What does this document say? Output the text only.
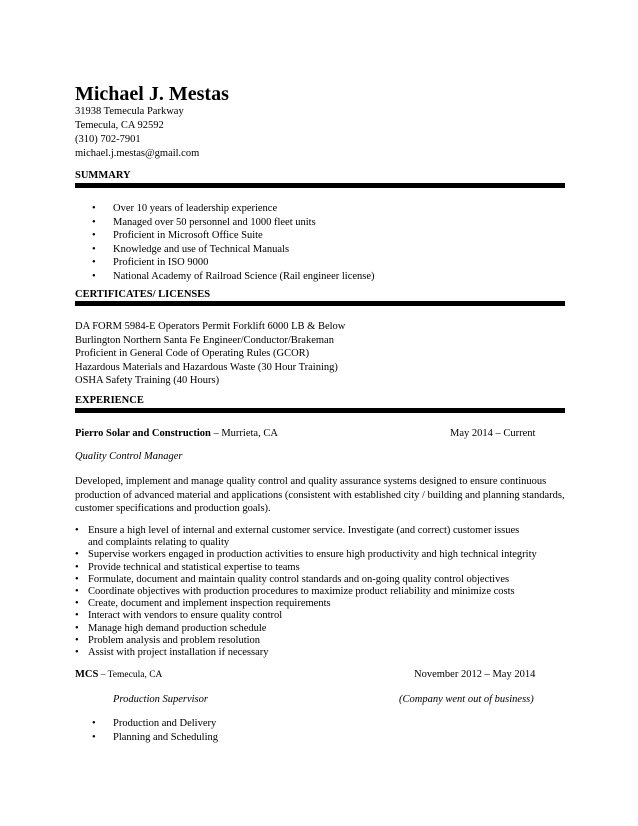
Michael J. Mestas
31938 Temecula Parkway
Temecula, CA 92592
(310) 702-7901
michael.j.mestas@gmail.com
SUMMARY
• Over 10 years of leadership experience
• Managed over 50 personnel and 1000 fleet units
• Proficient in Microsoft Office Suite
• Knowledge and use of Technical Manuals
• Proficient in ISO 9000
• National Academy of Railroad Science (Rail engineer license)
CERTIFICATES/ LICENSES
DA FORM 5984-E Operators Permit Forklift 6000 LB & Below
Burlington Northern Santa Fe Engineer/Conductor/Brakeman
Proficient in General Code of Operating Rules (GCOR)
Hazardous Materials and Hazardous Waste (30 Hour Training)
OSHA Safety Training (40 Hours)
EXPERIENCE
Pierro Solar and Construction – Murrieta, CA	May 2014 – Current
Quality Control Manager
Developed, implement and manage quality control and quality assurance systems designed to ensure continuous
production of advanced material and applications (consistent with established city / building and planning standards,
customer specifications and production goals).
• Ensure a high level of internal and external customer service. Investigate (and correct) customer issues
and complaints relating to quality
• Supervise workers engaged in production activities to ensure high productivity and high technical integrity
• Provide technical and statistical expertise to teams
• Formulate, document and maintain quality control standards and on-going quality control objectives
• Coordinate objectives with production procedures to maximize product reliability and minimize costs
• Create, document and implement inspection requirements
• Interact with vendors to ensure quality control
• Manage high demand production schedule
• Problem analysis and problem resolution
• Assist with project installation if necessary
MCS – Temecula, CA	November 2012 – May 2014
Production Supervisor	(Company went out of business)
• Production and Delivery
• Planning and Scheduling
